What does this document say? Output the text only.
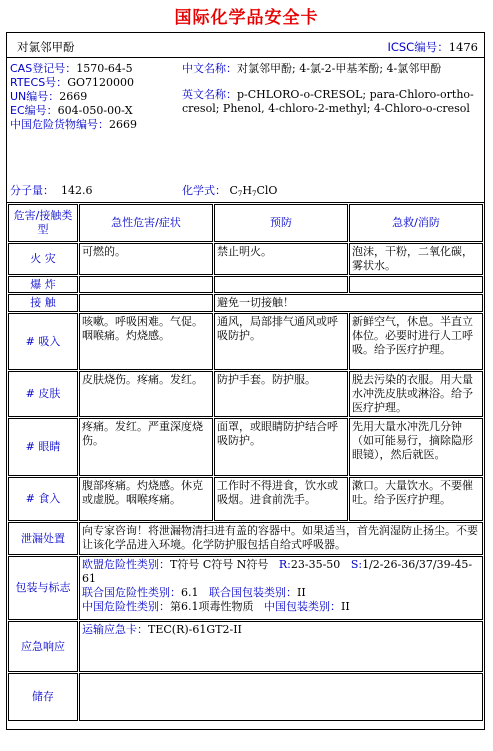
国际化学品安全卡
对氯邻甲酚	ICSC编号：1476
CAS登记号：1570-64-5
RTECS号：GO7120000
UN编号：2669
EC编号：604-050-00-X
中国危险货物编号：2669

中文名称：对氯邻甲酚; 4-氯-2-甲基苯酚; 4-氯邻甲酚

英文名称：p-CHLORO-o-CRESOL; para-Chloro-ortho-cresol; Phenol, 4-chloro-2-methyl; 4-Chloro-o-cresol

分子量： 142.6	化学式： $C_7H_7ClO$
危害/接触类型	急性危害/症状	预防	急救/消防
火 灾	可燃的。	禁止明火。	泡沫，干粉，二氧化碳，雾状水。
爆 炸			
接 触		避免一切接触！	
# 吸入	咳嗽。呼吸困难。气促。咽喉痛。灼烧感。	通风，局部排气通风或呼吸防护。	新鲜空气，休息。半直立体位。必要时进行人工呼吸。给予医疗护理。
# 皮肤	皮肤烧伤。疼痛。发红。	防护手套。防护服。	脱去污染的衣服。用大量水冲洗皮肤或淋浴。给予医疗护理。
# 眼睛	疼痛。发红。严重深度烧伤。	面罩，或眼睛防护结合呼吸防护。	先用大量水冲洗几分钟（如可能易行，摘除隐形眼镜），然后就医。
# 食入	腹部疼痛。灼烧感。休克或虚脱。咽喉疼痛。	工作时不得进食，饮水或吸烟。进食前洗手。	漱口。大量饮水。不要催吐。给予医疗护理。
泄漏处置	向专家咨询！将泄漏物清扫进有盖的容器中。如果适当，首先润湿防止扬尘。不要让该化学品进入环境。化学防护服包括自给式呼吸器。		
包装与标志	欧盟危险性类别：T符号 C符号 N符号 R:23-35-50 S:1/2-26-36/37/39-45-61
联合国危险性类别：6.1 联合国包装类别：II
中国危险性类别：第6.1项毒性物质 中国包装类别：II		

应急响应	运输应急卡：TEC(R)-61GT2-II		
储存			
